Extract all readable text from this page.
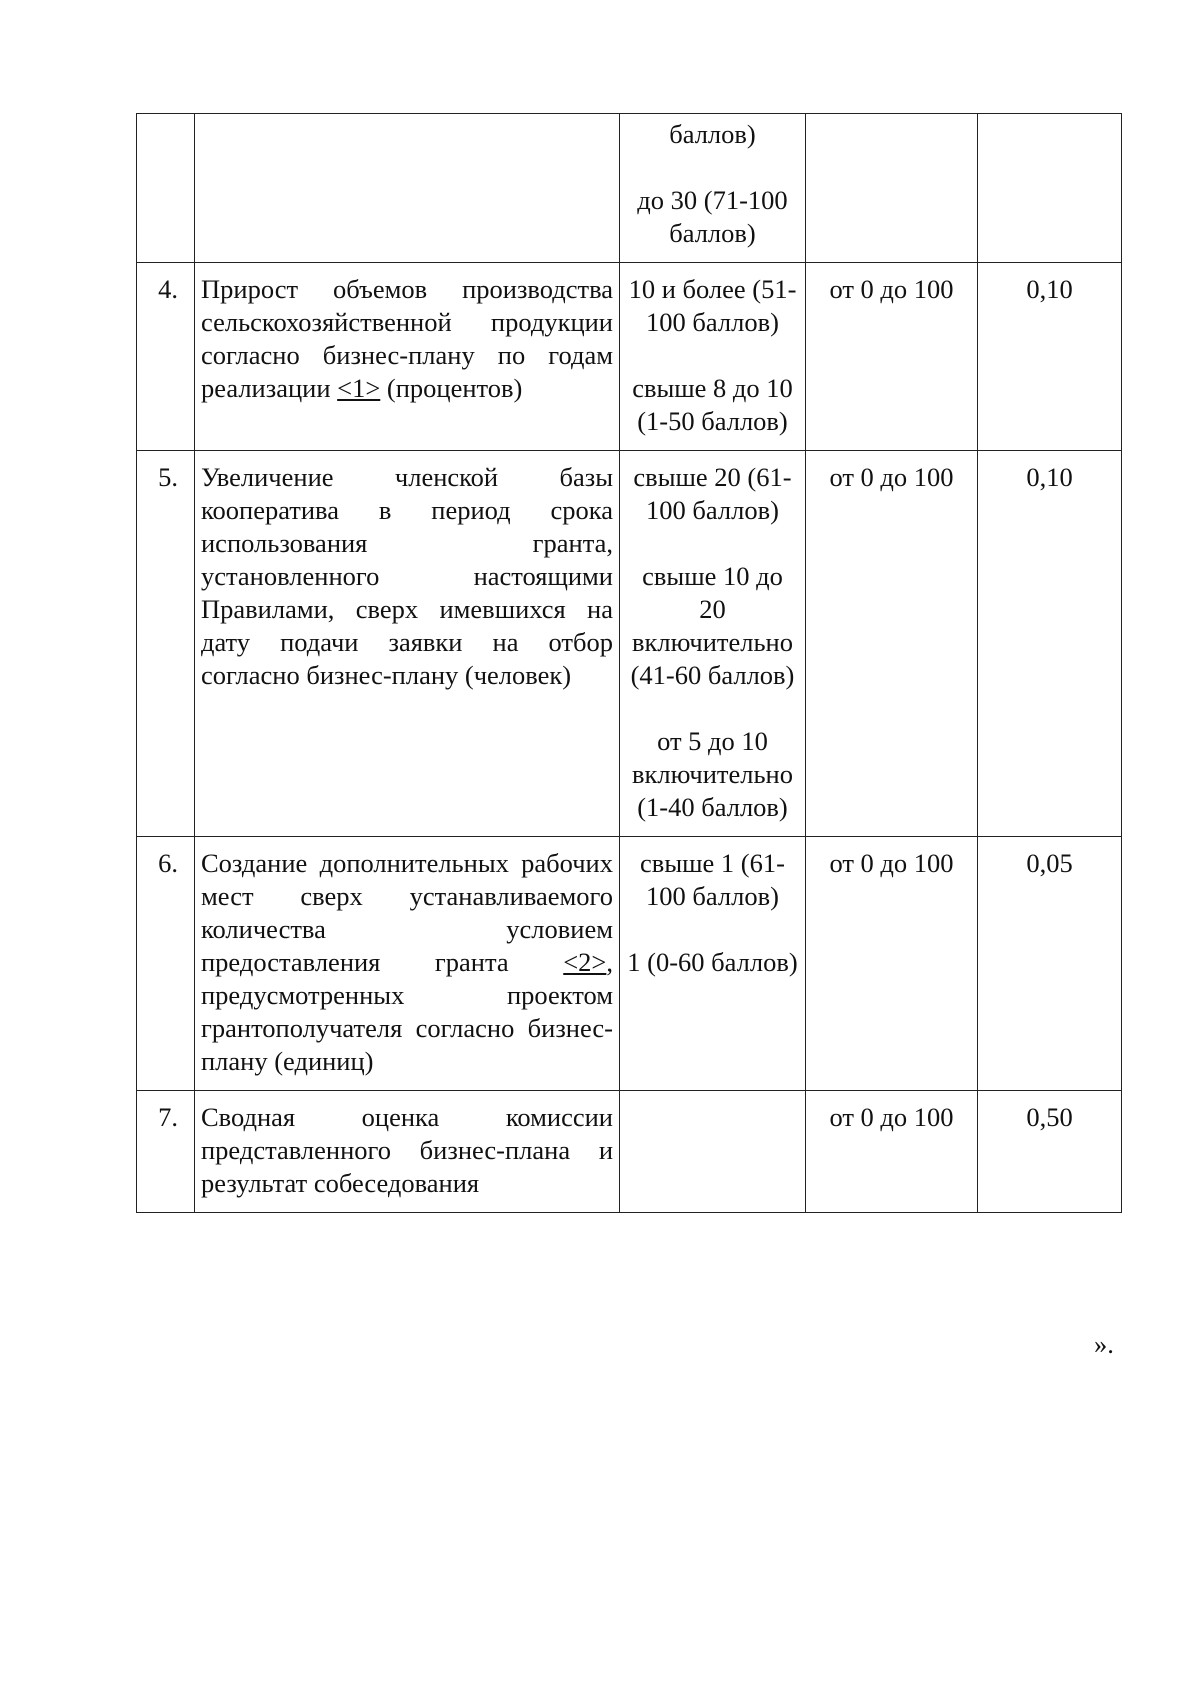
		баллов)
до 30 (71-100 баллов)		

4.	Прирост объемов производства сельскохозяйственной продукции согласно бизнес-плану по годам реализации <1> (процентов)	10 и более (51-100 баллов)
свыше 8 до 10 (1-50 баллов)	от 0 до 100	0,10
5.	Увеличение членской базы кооператива в период срока использования гранта, установленного настоящими Правилами, сверх имевшихся на дату подачи заявки на отбор согласно бизнес-плану (человек)	свыше 20 (61-100 баллов)
свыше 10 до 20 включительно (41-60 баллов)
от 5 до 10 включительно (1-40 баллов)	от 0 до 100	0,10
6.	Создание дополнительных рабочих мест сверх устанавливаемого количества условием предоставления гранта <2>, предусмотренных проектом грантополучателя согласно бизнес-плану (единиц)	свыше 1 (61-100 баллов)
1 (0-60 баллов)	от 0 до 100	0,05
7.	Сводная оценка комиссии представленного бизнес-плана и результат собеседования		от 0 до 100	0,50
».
